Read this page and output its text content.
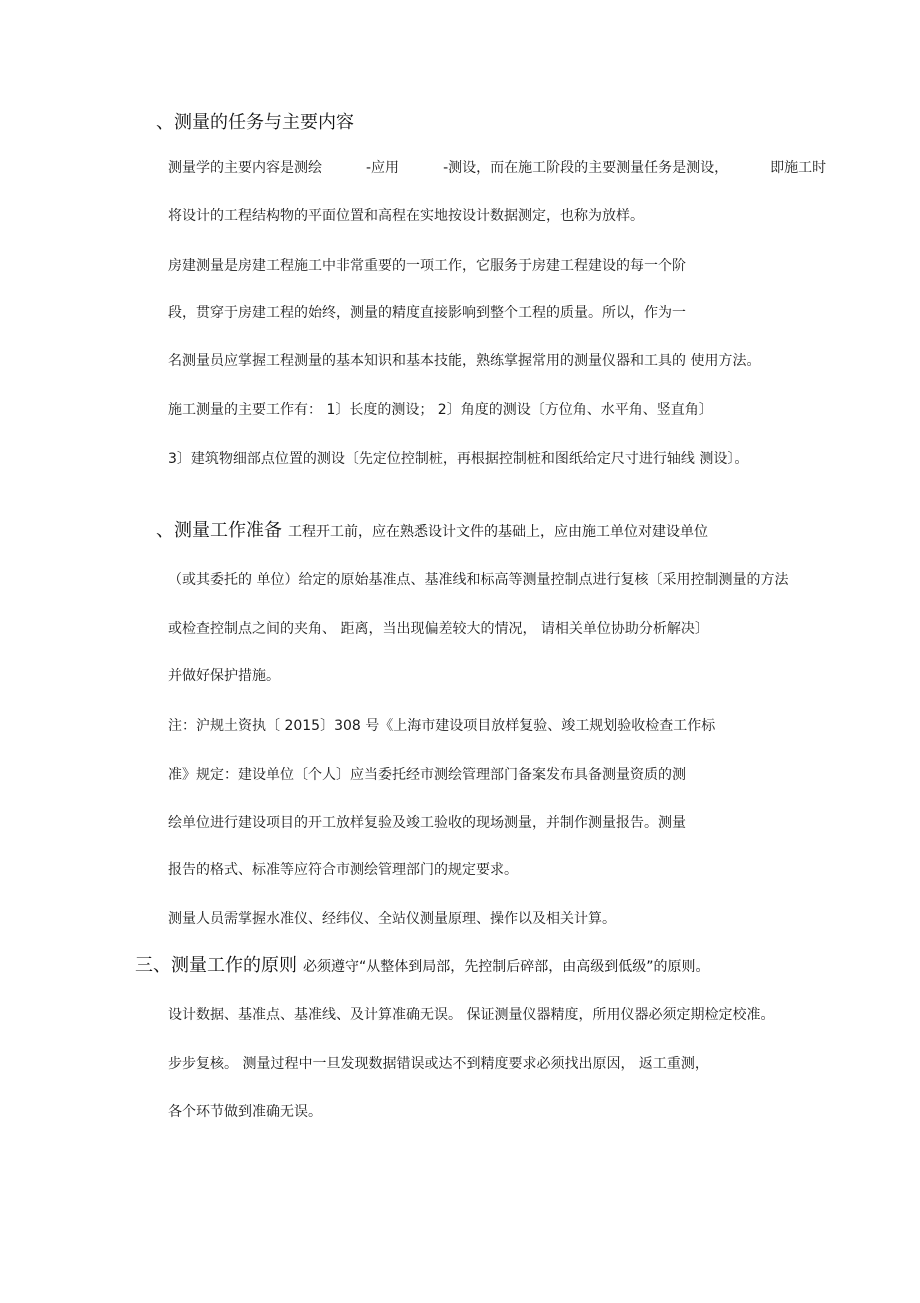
、测量的任务与主要内容

测量学的主要内容是测绘	-应用	-测设，而在施工阶段的主要测量任务是测设，	即施工时

将设计的工程结构物的平面位置和高程在实地按设计数据测定，也称为放样。

房建测量是房建工程施工中非常重要的一项工作，它服务于房建工程建设的每一个阶

段，贯穿于房建工程的始终，测量的精度直接影响到整个工程的质量。所以，作为一

名测量员应掌握工程测量的基本知识和基本技能，熟练掌握常用的测量仪器和工具的 使用方法。

施工测量的主要工作有： 1〕长度的测设； 2〕角度的测设〔方位角、水平角、竖直角〕

3〕建筑物细部点位置的测设〔先定位控制桩，再根据控制桩和图纸给定尺寸进行轴线 测设〕。

、测量工作准备 工程开工前，应在熟悉设计文件的基础上，应由施工单位对建设单位

（或其委托的 单位）给定的原始基准点、基准线和标高等测量控制点进行复核〔采用控制测量的方法

或检查控制点之间的夹角、 距离，当出现偏差较大的情况， 请相关单位协助分析解决〕

并做好保护措施。

注：沪规土资执〔 2015〕308 号《上海市建设项目放样复验、竣工规划验收检查工作标

准》规定：建设单位〔个人〕应当委托经市测绘管理部门备案发布具备测量资质的测

绘单位进行建设项目的开工放样复验及竣工验收的现场测量，并制作测量报告。测量

报告的格式、标准等应符合市测绘管理部门的规定要求。

测量人员需掌握水准仪、经纬仪、全站仪测量原理、操作以及相关计算。

三、测量工作的原则 必须遵守“从整体到局部，先控制后碎部，由高级到低级”的原则。

设计数据、基准点、基准线、及计算准确无误。 保证测量仪器精度，所用仪器必须定期检定校准。

步步复核。 测量过程中一旦发现数据错误或达不到精度要求必须找出原因， 返工重测，

各个环节做到准确无误。
